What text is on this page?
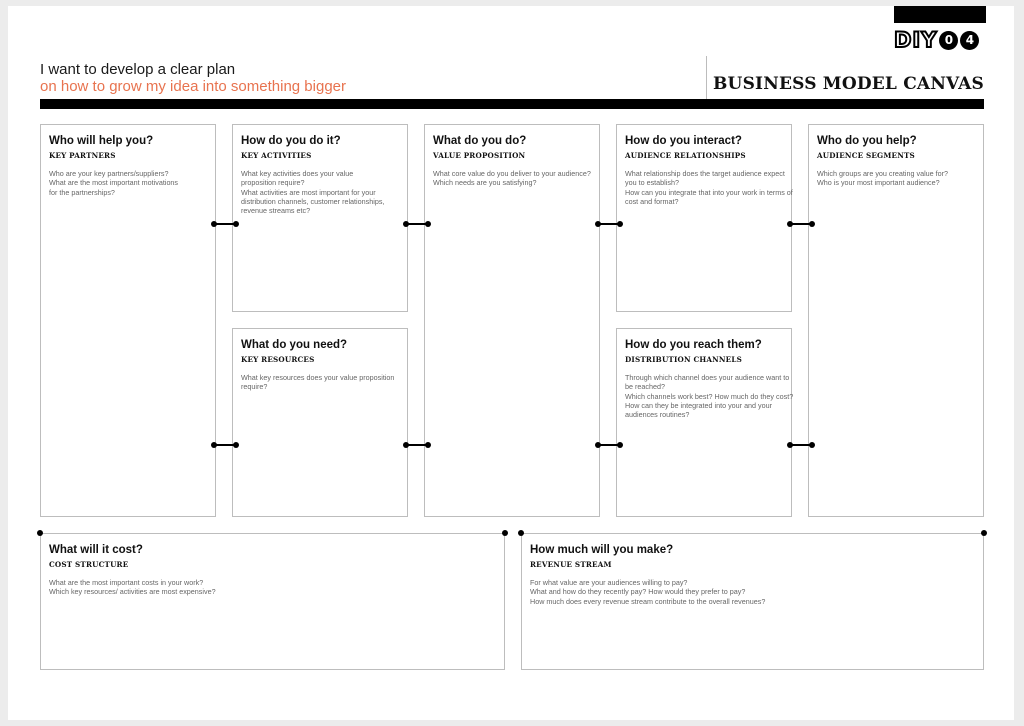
DIY 0	4
I want to develop a clear plan
on how to grow my idea into something bigger	BUSINESS MODEL CANVAS
Who will help you?
KEY PARTNERS
Who are your key partners/suppliers?
What are the most important motivations
for the partnerships?
How do you do it?
KEY ACTIVITIES
What key activities does your value
proposition require?
What activities are most important for your
distribution channels, customer relationships,
revenue streams etc?
What do you need?
KEY RESOURCES
What key resources does your value proposition
require?
What do you do?
VALUE PROPOSITION
What core value do you deliver to your audience?
Which needs are you satisfying?
How do you interact?
AUDIENCE RELATIONSHIPS
What relationship does the target audience expect
you to establish?
How can you integrate that into your work in terms of
cost and format?
How do you reach them?
DISTRIBUTION CHANNELS
Through which channel does your audience want to
be reached?
Which channels work best? How much do they cost?
How can they be integrated into your and your
audiences routines?
Who do you help?
AUDIENCE SEGMENTS
Which groups are you creating value for?
Who is your most important audience?
What will it cost?
COST STRUCTURE
What are the most important costs in your work?
Which key resources/ activities are most expensive?
How much will you make?
REVENUE STREAM
For what value are your audiences willing to pay?
What and how do they recently pay? How would they prefer to pay?
How much does every revenue stream contribute to the overall revenues?
